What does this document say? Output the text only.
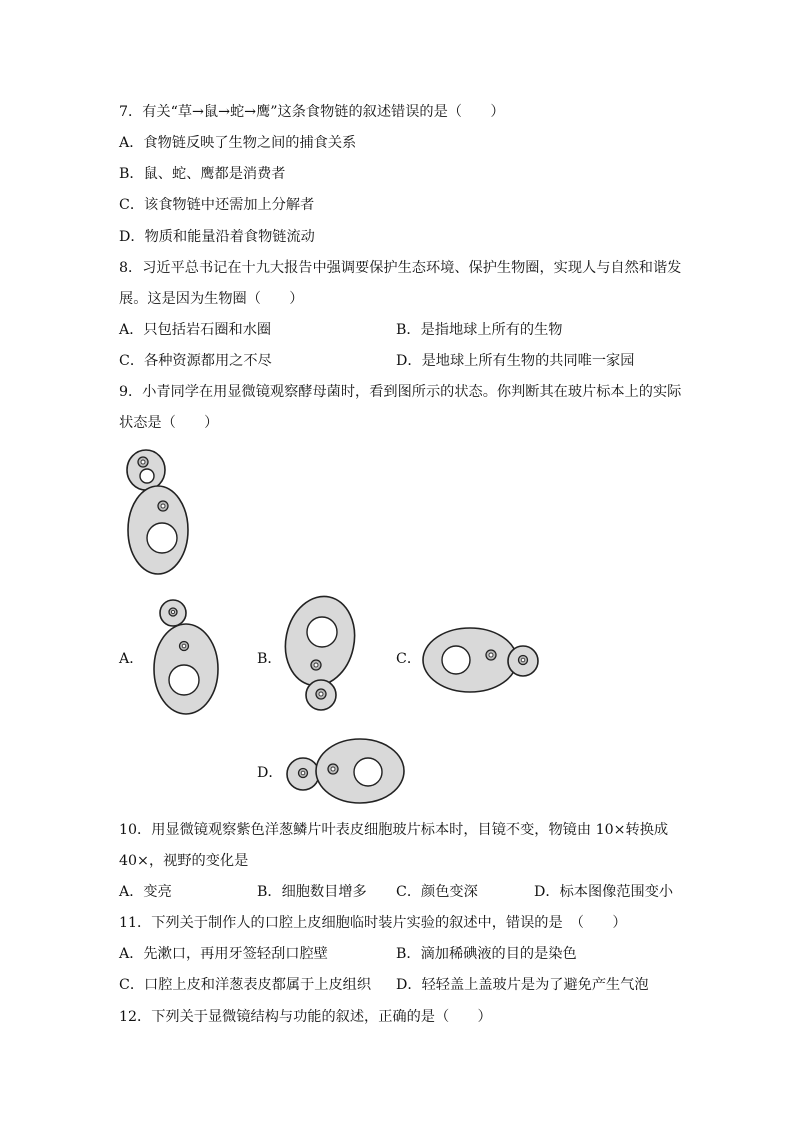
7．有关“草→鼠→蛇→鹰”这条食物链的叙述错误的是（　　）
A．食物链反映了生物之间的捕食关系
B．鼠、蛇、鹰都是消费者
C．该食物链中还需加上分解者
D．物质和能量沿着食物链流动
8．习近平总书记在十九大报告中强调要保护生态环境、保护生物圈，实现人与自然和谐发
展。这是因为生物圈（　　）
A．只包括岩石圈和水圈	B．是指地球上所有的生物
C．各种资源都用之不尽	D．是地球上所有生物的共同唯一家园
9．小青同学在用显微镜观察酵母菌时，看到图所示的状态。你判断其在玻片标本上的实际
状态是（　　）
A．	B．	C．
D．
10．用显微镜观察紫色洋葱鳞片叶表皮细胞玻片标本时，目镜不变，物镜由 10×转换成
40×，视野的变化是
A．变亮	B．细胞数目增多 C．颜色变深	D．标本图像范围变小
11．下列关于制作人的口腔上皮细胞临时装片实验的叙述中，错误的是　（　　）
A．先漱口，再用牙签轻刮口腔壁	B．滴加稀碘液的目的是染色
C．口腔上皮和洋葱表皮都属于上皮组织 D．轻轻盖上盖玻片是为了避免产生气泡
12．下列关于显微镜结构与功能的叙述，正确的是（　　）
